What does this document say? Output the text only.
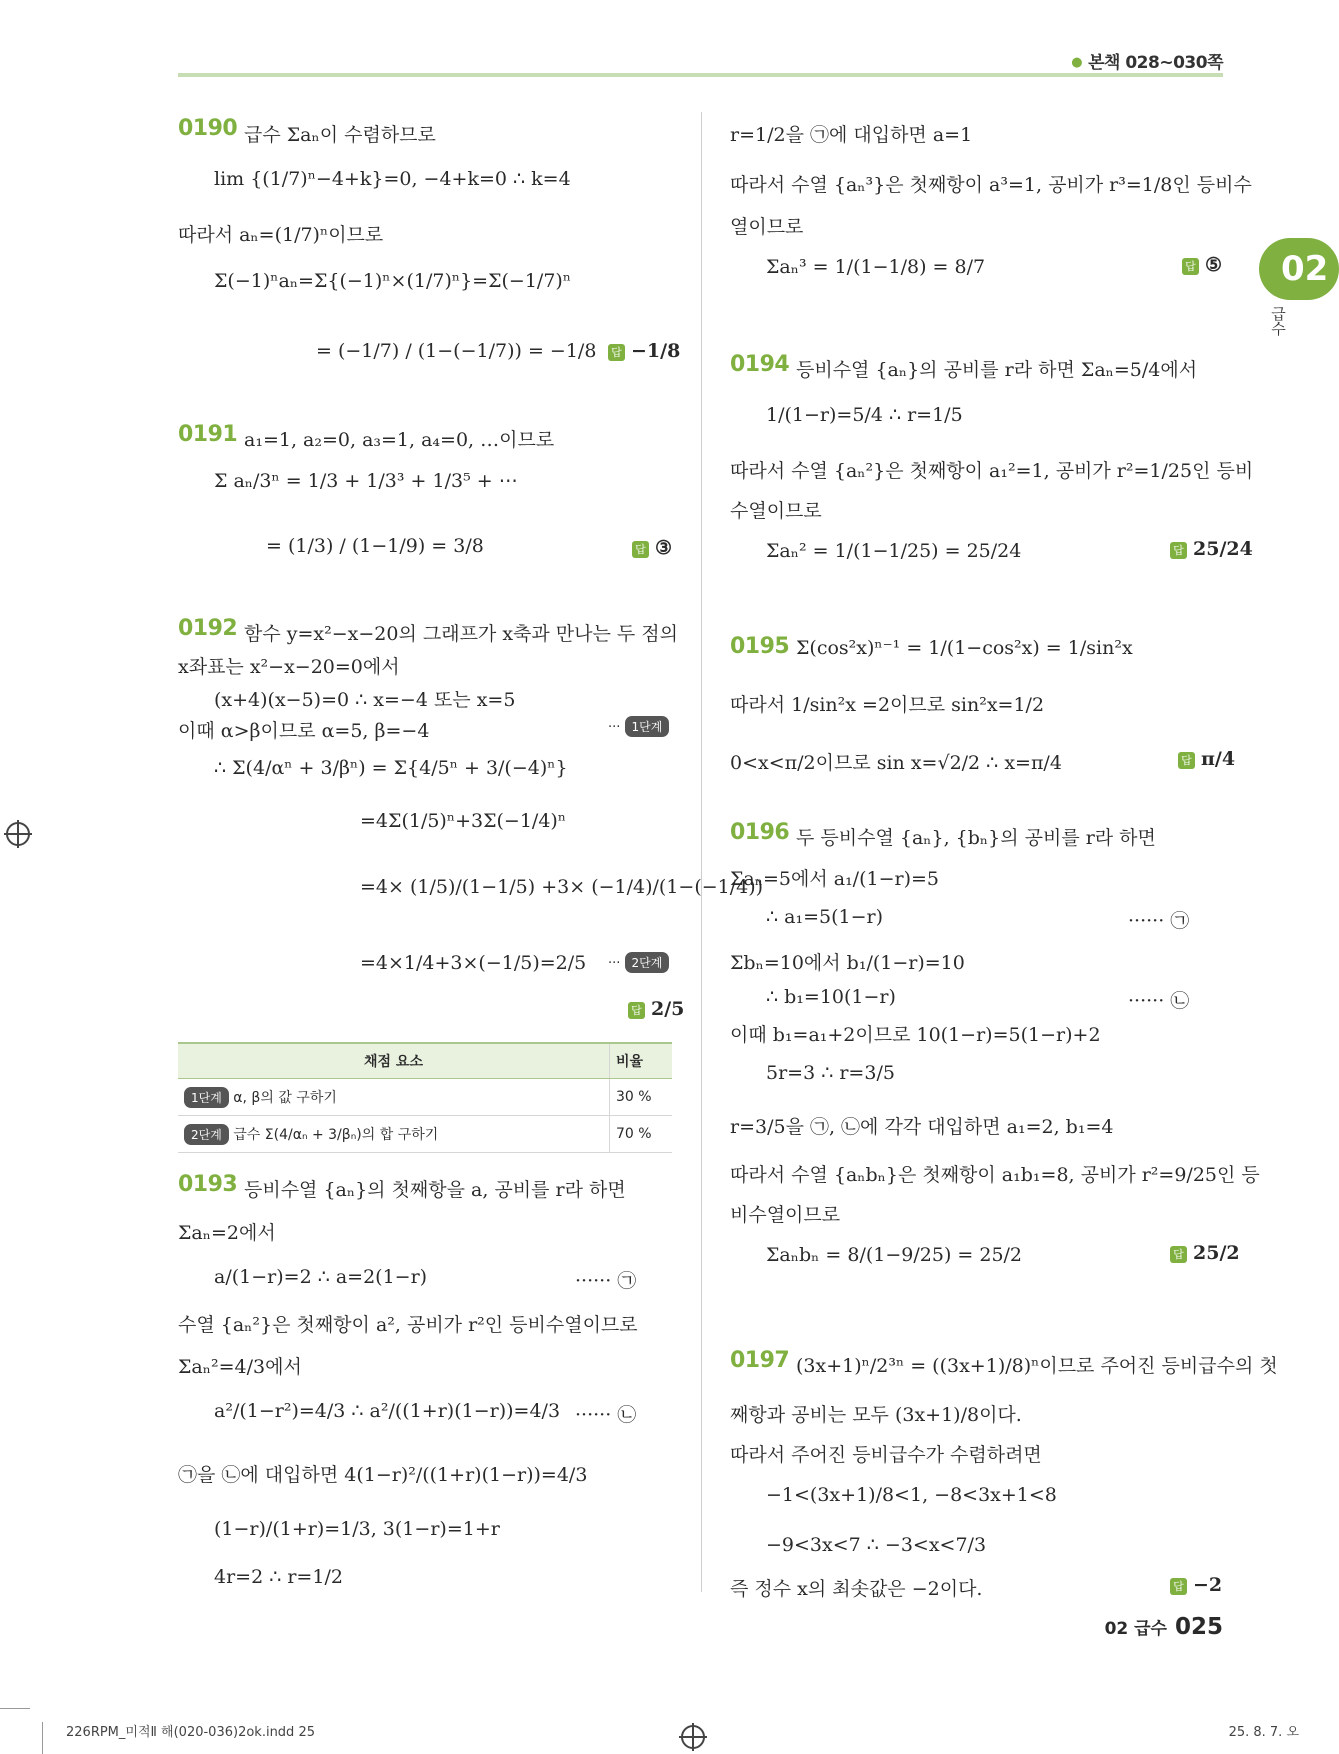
● 본책 028~030쪽
02
급수
0190 급수 Σaₙ이 수렴하므로
lim {(1/7)ⁿ−4+k}=0, −4+k=0 ∴ k=4
따라서 aₙ=(1/7)ⁿ이므로
Σ(−1)ⁿaₙ=Σ{(−1)ⁿ×(1/7)ⁿ}=Σ(−1/7)ⁿ
= (−1/7) / (1−(−1/7)) = −1/8 답 −1/8
0191 a₁=1, a₂=0, a₃=1, a₄=0, …이므로
Σ aₙ/3ⁿ = 1/3 + 1/3³ + 1/3⁵ + ⋯
= (1/3) / (1−1/9) = 3/8	답 ③
0192 함수 y=x²−x−20의 그래프가 x축과 만나는 두 점의
x좌표는 x²−x−20=0에서
(x+4)(x−5)=0 ∴ x=−4 또는 x=5
이때 α>β이므로 α=5, β=−4	··· 1단계
∴ Σ(4/αⁿ + 3/βⁿ) = Σ{4/5ⁿ + 3/(−4)ⁿ}
=4Σ(1/5)ⁿ+3Σ(−1/4)ⁿ
=4× (1/5)/(1−1/5) +3× (−1/4)/(1−(−1/4))
=4×1/4+3×(−1/5)=2/5 ··· 2단계
답 2/5
채점 요소	비율
1단계 α, β의 값 구하기	30 %
2단계 급수 Σ(4/αₙ + 3/βₙ)의 합 구하기	70 %
0193 등비수열 {aₙ}의 첫째항을 a, 공비를 r라 하면
Σaₙ=2에서
a/(1−r)=2 ∴ a=2(1−r)	······ ㉠
수열 {aₙ²}은 첫째항이 a², 공비가 r²인 등비수열이므로
Σaₙ²=4/3에서
a²/(1−r²)=4/3 ∴ a²/((1+r)(1−r))=4/3 ······ ㉡
㉠을 ㉡에 대입하면 4(1−r)²/((1+r)(1−r))=4/3
(1−r)/(1+r)=1/3, 3(1−r)=1+r
4r=2 ∴ r=1/2
r=1/2을 ㉠에 대입하면 a=1
따라서 수열 {aₙ³}은 첫째항이 a³=1, 공비가 r³=1/8인 등비수
열이므로
Σaₙ³ = 1/(1−1/8) = 8/7	답 ⑤
0194 등비수열 {aₙ}의 공비를 r라 하면 Σaₙ=5/4에서
1/(1−r)=5/4 ∴ r=1/5
따라서 수열 {aₙ²}은 첫째항이 a₁²=1, 공비가 r²=1/25인 등비
수열이므로
Σaₙ² = 1/(1−1/25) = 25/24	답 25/24
0195 Σ(cos²x)ⁿ⁻¹ = 1/(1−cos²x) = 1/sin²x
따라서 1/sin²x =2이므로 sin²x=1/2
0<x<π/2이므로 sin x=√2/2 ∴ x=π/4	답 π/4
0196 두 등비수열 {aₙ}, {bₙ}의 공비를 r라 하면
Σaₙ=5에서 a₁/(1−r)=5
∴ a₁=5(1−r)	······ ㉠
Σbₙ=10에서 b₁/(1−r)=10
∴ b₁=10(1−r)	······ ㉡
이때 b₁=a₁+2이므로 10(1−r)=5(1−r)+2
5r=3 ∴ r=3/5
r=3/5을 ㉠, ㉡에 각각 대입하면 a₁=2, b₁=4
따라서 수열 {aₙbₙ}은 첫째항이 a₁b₁=8, 공비가 r²=9/25인 등
비수열이므로
Σaₙbₙ = 8/(1−9/25) = 25/2	답 25/2
0197 (3x+1)ⁿ/2³ⁿ = ((3x+1)/8)ⁿ이므로 주어진 등비급수의 첫
째항과 공비는 모두 (3x+1)/8이다.
따라서 주어진 등비급수가 수렴하려면
−1<(3x+1)/8<1, −8<3x+1<8
−9<3x<7 ∴ −3<x<7/3
즉 정수 x의 최솟값은 −2이다.	답 −2
02 급수 025
226RPM_미적Ⅱ 해(020-036)2ok.indd 25	25. 8. 7. 오
